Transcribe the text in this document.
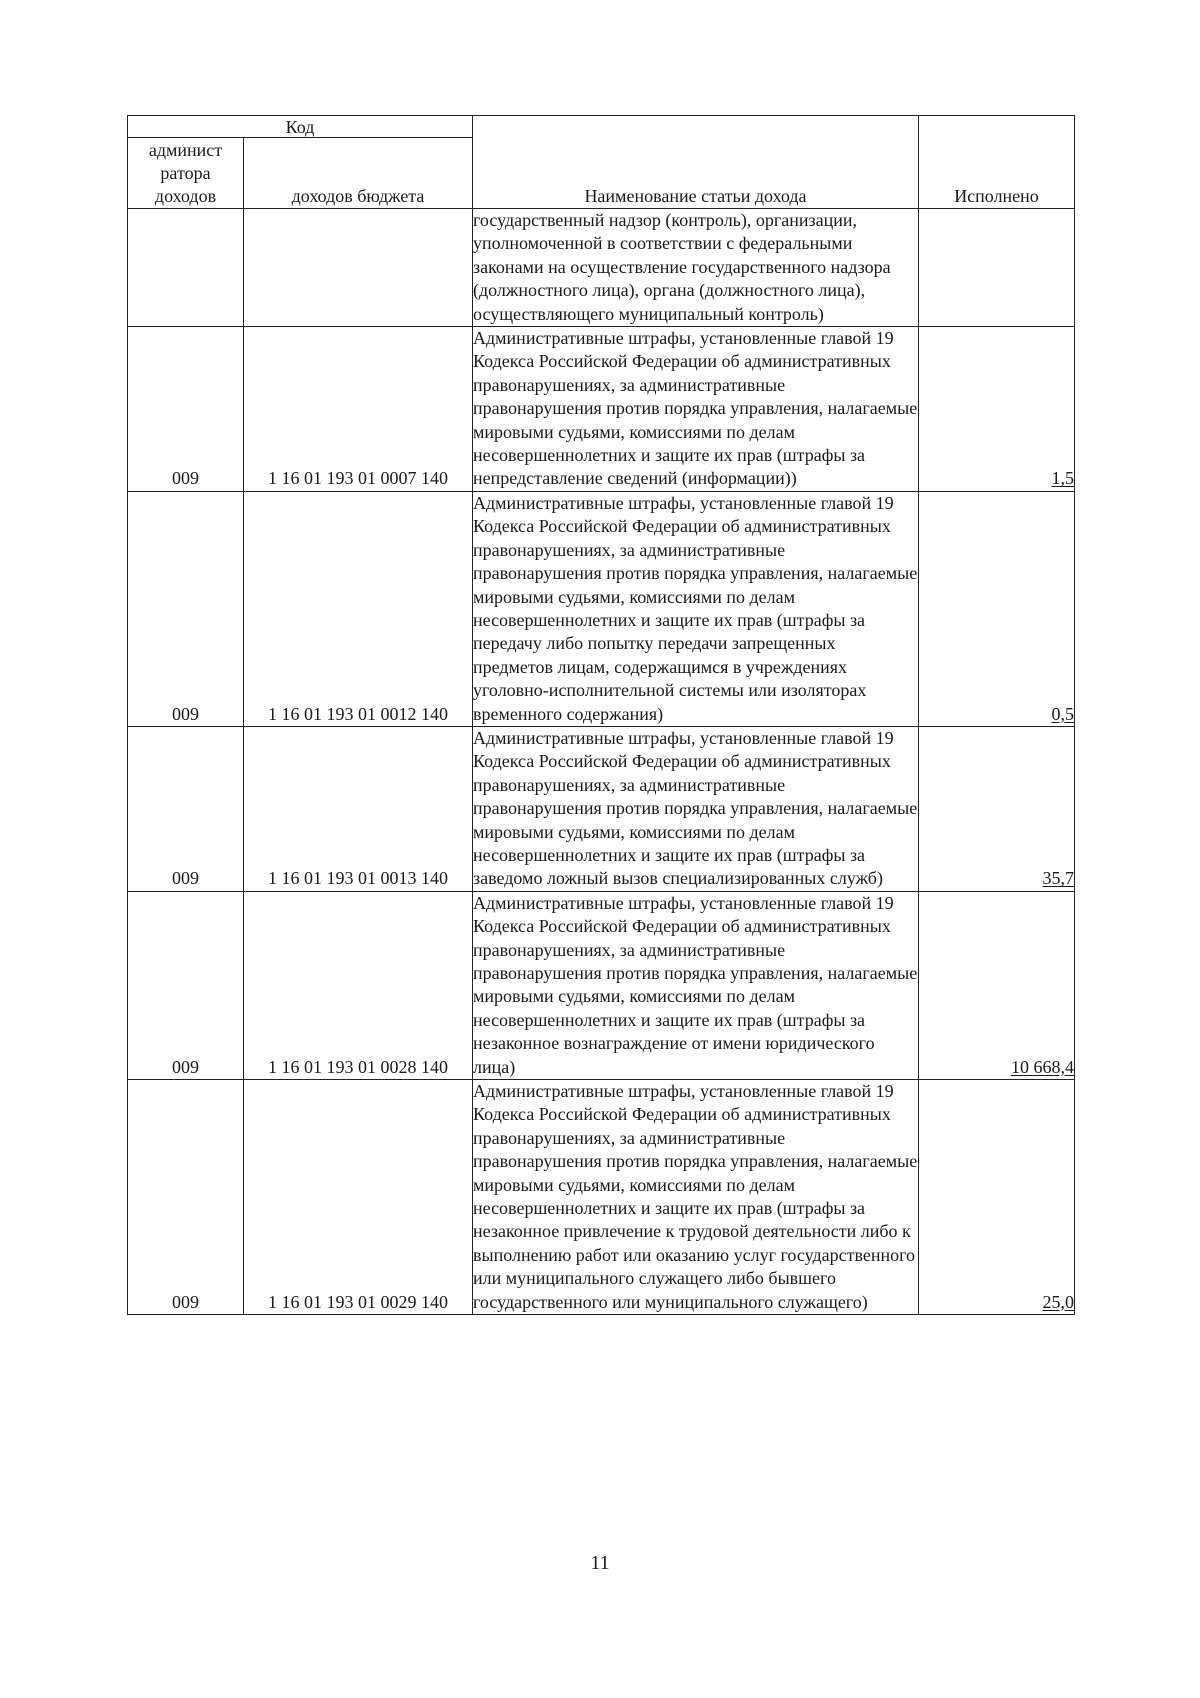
Код		Наименование статьи дохода	Исполнено
админист ратора доходов	доходов бюджета		
		государственный надзор (контроль), организации, уполномоченной в соответствии с федеральными законами на осуществление государственного надзора (должностного лица), органа (должностного лица), осуществляющего муниципальный контроль)	
009	1 16 01 193 01 0007 140	Административные штрафы, установленные главой 19 Кодекса Российской Федерации об административных правонарушениях, за административные правонарушения против порядка управления, налагаемые мировыми судьями, комиссиями по делам несовершеннолетних и защите их прав (штрафы за непредставление сведений (информации))	1,5
009	1 16 01 193 01 0012 140	Административные штрафы, установленные главой 19 Кодекса Российской Федерации об административных правонарушениях, за административные правонарушения против порядка управления, налагаемые мировыми судьями, комиссиями по делам несовершеннолетних и защите их прав (штрафы за передачу либо попытку передачи запрещенных предметов лицам, содержащимся в учреждениях уголовно-исполнительной системы или изоляторах временного содержания)	0,5
009	1 16 01 193 01 0013 140	Административные штрафы, установленные главой 19 Кодекса Российской Федерации об административных правонарушениях, за административные правонарушения против порядка управления, налагаемые мировыми судьями, комиссиями по делам несовершеннолетних и защите их прав (штрафы за заведомо ложный вызов специализированных служб)	35,7
009	1 16 01 193 01 0028 140	Административные штрафы, установленные главой 19 Кодекса Российской Федерации об административных правонарушениях, за административные правонарушения против порядка управления, налагаемые мировыми судьями, комиссиями по делам несовершеннолетних и защите их прав (штрафы за незаконное вознаграждение от имени юридического лица)	10 668,4
009	1 16 01 193 01 0029 140	Административные штрафы, установленные главой 19 Кодекса Российской Федерации об административных правонарушениях, за административные правонарушения против порядка управления, налагаемые мировыми судьями, комиссиями по делам несовершеннолетних и защите их прав (штрафы за незаконное привлечение к трудовой деятельности либо к выполнению работ или оказанию услуг государственного или муниципального служащего либо бывшего государственного или муниципального служащего)	25,0
11
